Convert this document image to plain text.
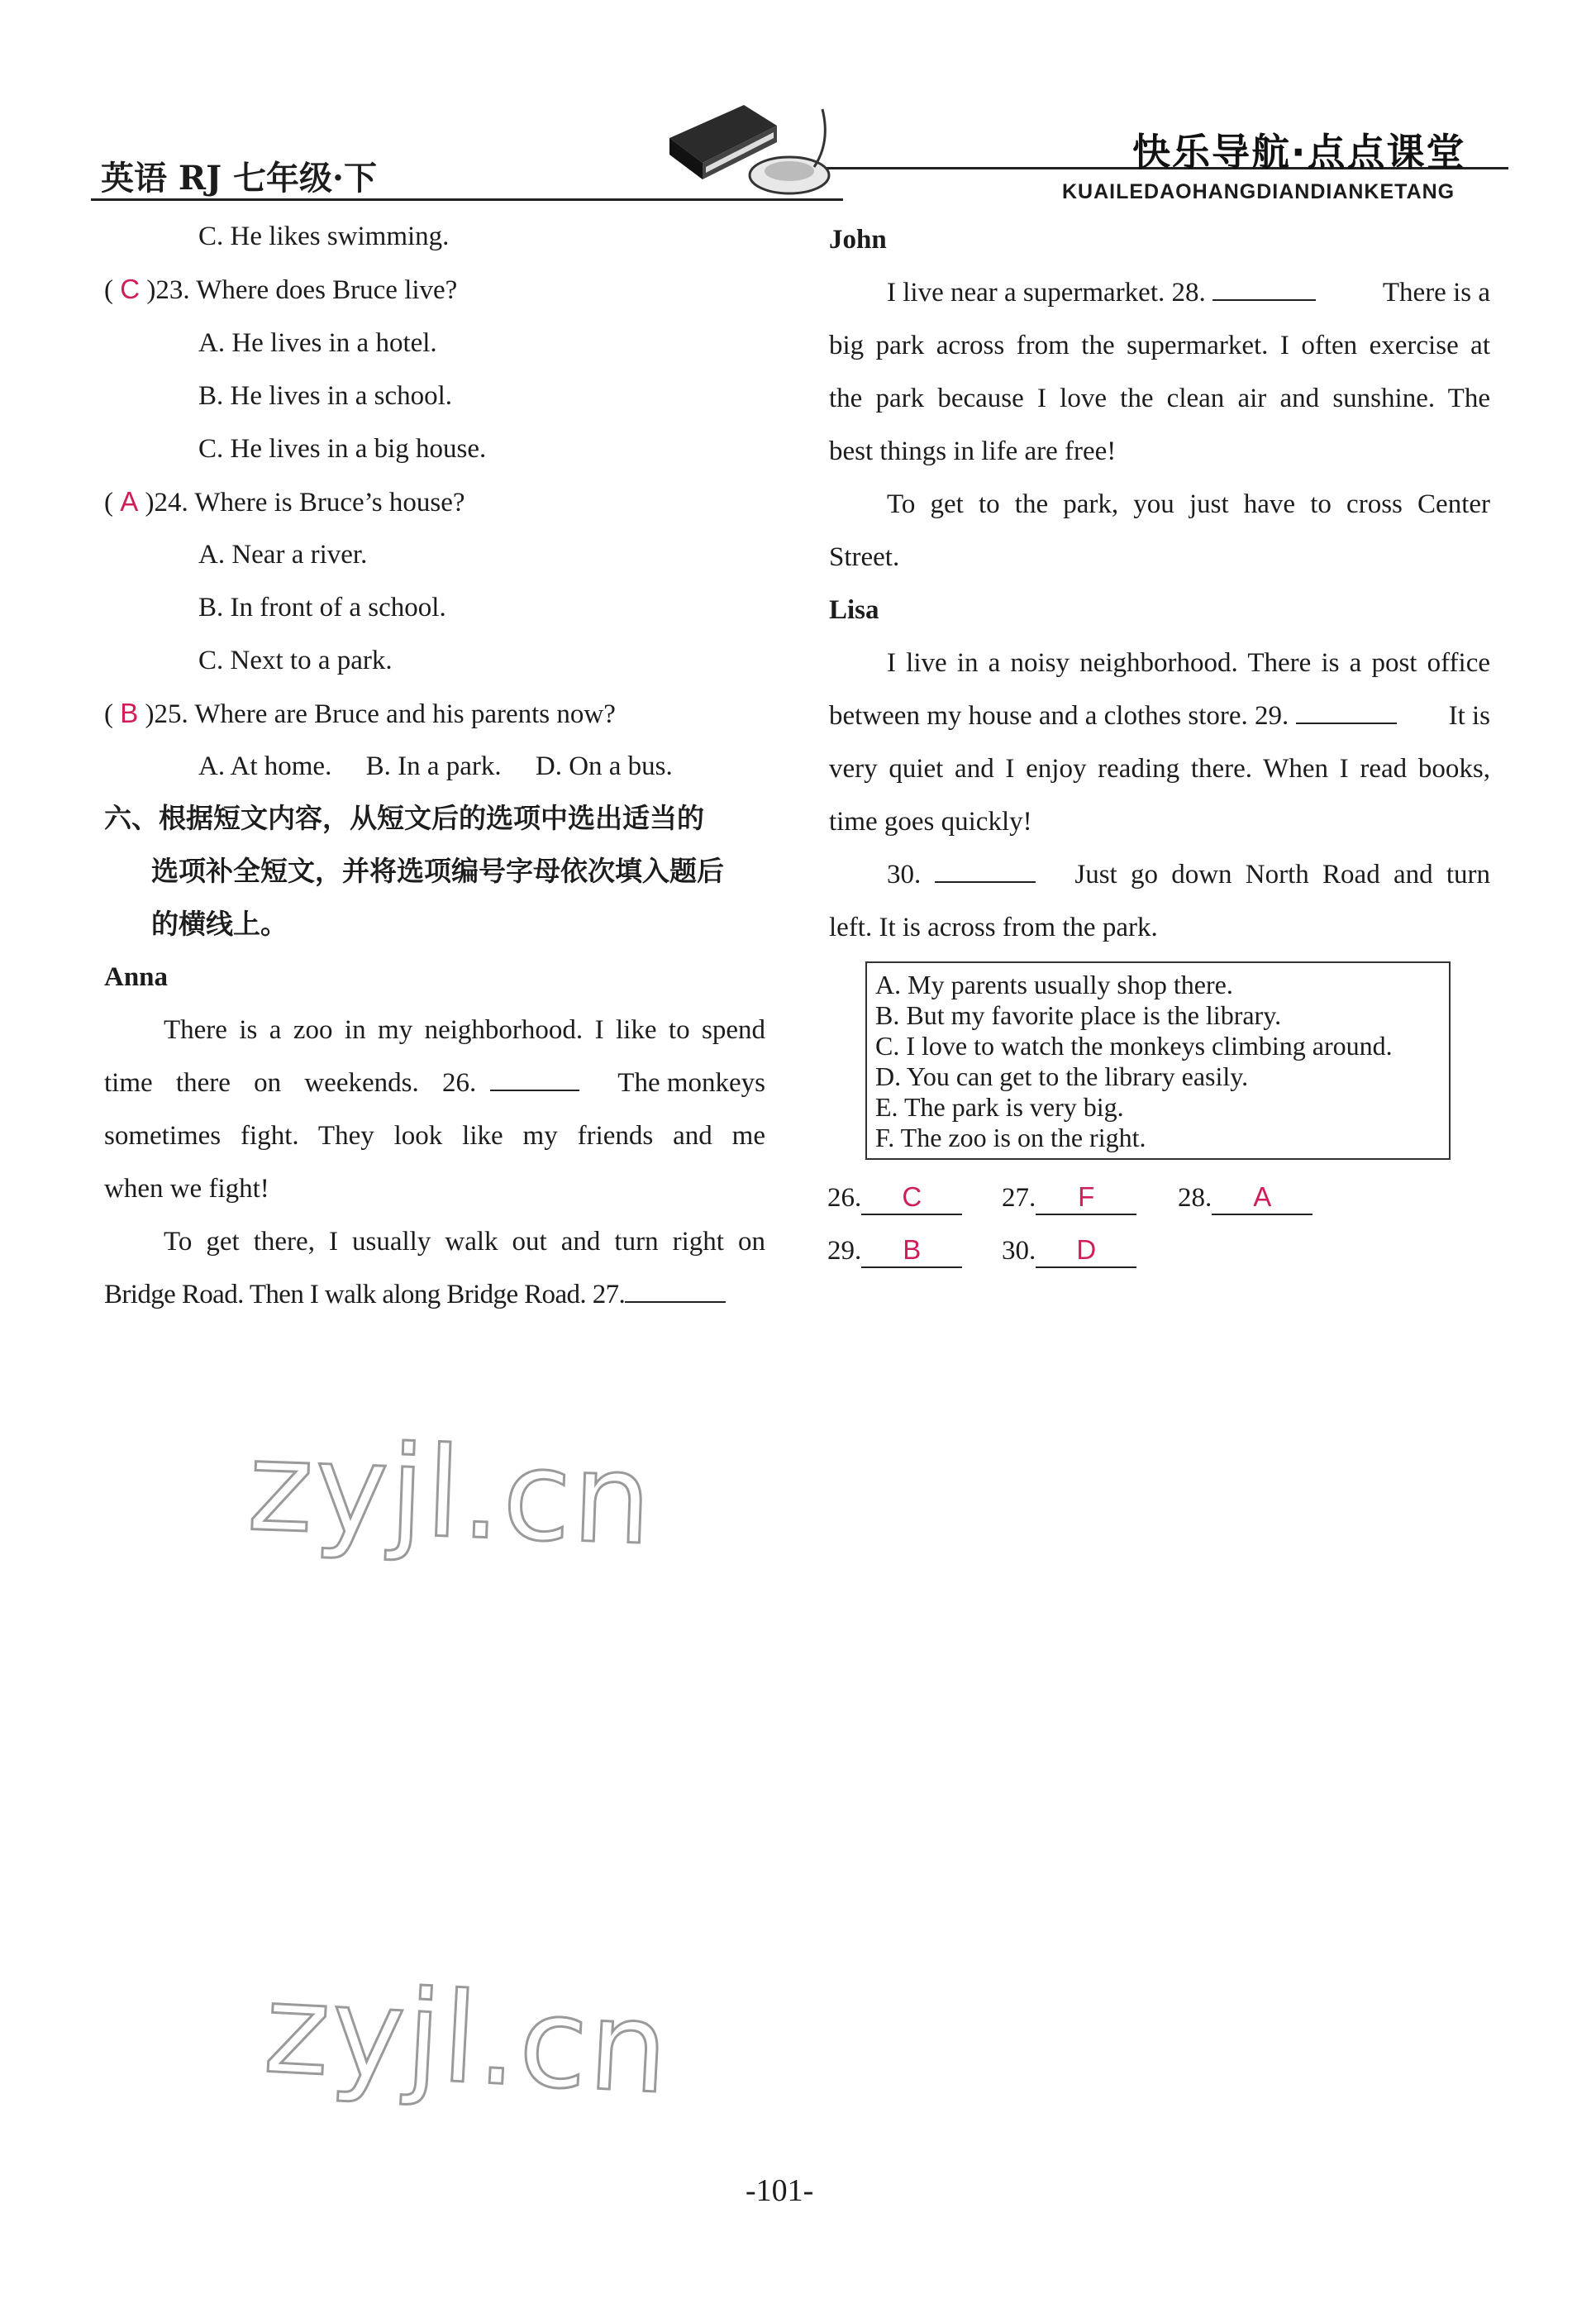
英语 RJ 七年级·下
快乐导航·点点课堂
KUAILEDAOHANGDIANDIANKETANG
C. He likes swimming.
( C )23. Where does Bruce live?
A. He lives in a hotel.
B. He lives in a school.
C. He lives in a big house.
( A )24. Where is Bruce’s house?
A. Near a river.
B. In front of a school.
C. Next to a park.
( B )25. Where are Bruce and his parents now?
A. At home. B. In a park. D. On a bus.
六、根据短文内容，从短文后的选项中选出适当的
选项补全短文，并将选项编号字母依次填入题后
的横线上。
Anna
There is a zoo in my neighborhood. I like to spend
time there on weekends. 26.	The monkeys
sometimes fight. They look like my friends and me
when we fight!
To get there, I usually walk out and turn right on
Bridge Road. Then I walk along Bridge Road. 27.
John
I live near a supermarket. 28.	There is a
big park across from the supermarket. I often exercise at
the park because I love the clean air and sunshine. The
best things in life are free!
To get to the park, you just have to cross Center
Street.
Lisa
I live in a noisy neighborhood. There is a post office
between my house and a clothes store. 29.	It is
very quiet and I enjoy reading there. When I read books,
time goes quickly!
30.	Just go down North Road and turn
left. It is across from the park.
A. My parents usually shop there.
B. But my favorite place is the library.
C. I love to watch the monkeys climbing around.
D. You can get to the library easily.
E. The park is very big.
F. The zoo is on the right.
26. C	27. F	28. A
29. B	30. D
zyjl.cn
zyjl.cn
-101-
